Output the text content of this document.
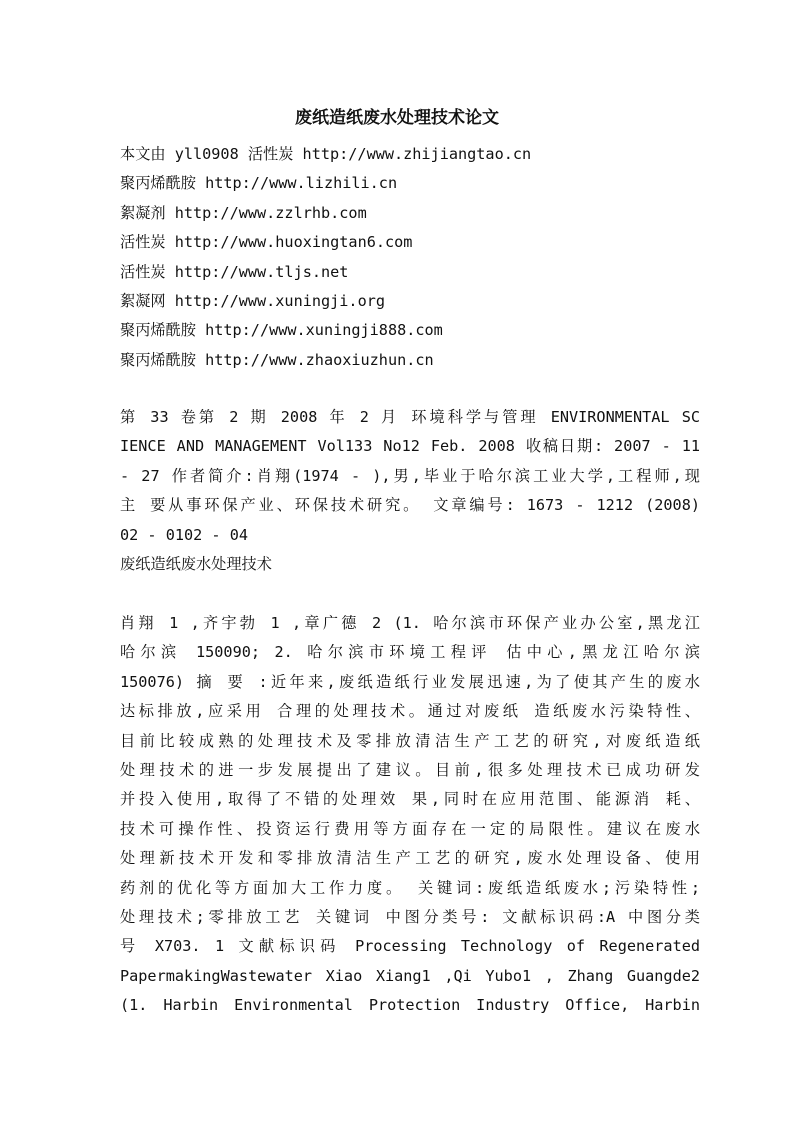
废纸造纸废水处理技术论文
本文由 yll0908 活性炭 http://www.zhijiangtao.cn
聚丙烯酰胺 http://www.lizhili.cn
絮凝剂 http://www.zzlrhb.com
活性炭 http://www.huoxingtan6.com
活性炭 http://www.tljs.net
絮凝网 http://www.xuningji.org
聚丙烯酰胺 http://www.xuningji888.com
聚丙烯酰胺 http://www.zhaoxiuzhun.cn
第 33 卷第 2 期 2008 年 2 月 环境科学与管理 ENVIRONMENTAL SC
IENCE AND MANAGEMENT Vol133 No12 Feb. 2008 收稿日期: 2007 - 11
- 27 作者简介:肖翔(1974 - ),男,毕业于哈尔滨工业大学,工程师,现
主 要从事环保产业、环保技术研究。 文章编号: 1673 - 1212 (2008)
02 - 0102 - 04
废纸造纸废水处理技术
肖翔 1 ,齐宇勃 1 ,章广德 2 (1. 哈尔滨市环保产业办公室,黑龙江
哈尔滨 150090; 2. 哈尔滨市环境工程评 估中心,黑龙江哈尔滨
150076) 摘 要 :近年来,废纸造纸行业发展迅速,为了使其产生的废水
达标排放,应采用 合理的处理技术。通过对废纸 造纸废水污染特性、
目前比较成熟的处理技术及零排放清洁生产工艺的研究,对废纸造纸
处理技术的进一步发展提出了建议。目前,很多处理技术已成功研发
并投入使用,取得了不错的处理效 果,同时在应用范围、能源消 耗、
技术可操作性、投资运行费用等方面存在一定的局限性。建议在废水
处理新技术开发和零排放清洁生产工艺的研究,废水处理设备、使用
药剂的优化等方面加大工作力度。 关键词:废纸造纸废水;污染特性;
处理技术;零排放工艺 关键词 中图分类号: 文献标识码:A 中图分类
号 X703. 1 文献标识码 Processing Technology of Regenerated
PapermakingWastewater Xiao Xiang1 ,Qi Yubo1 , Zhang Guangde2
(1. Harbin Environmental Protection Industry Office, Harbin
